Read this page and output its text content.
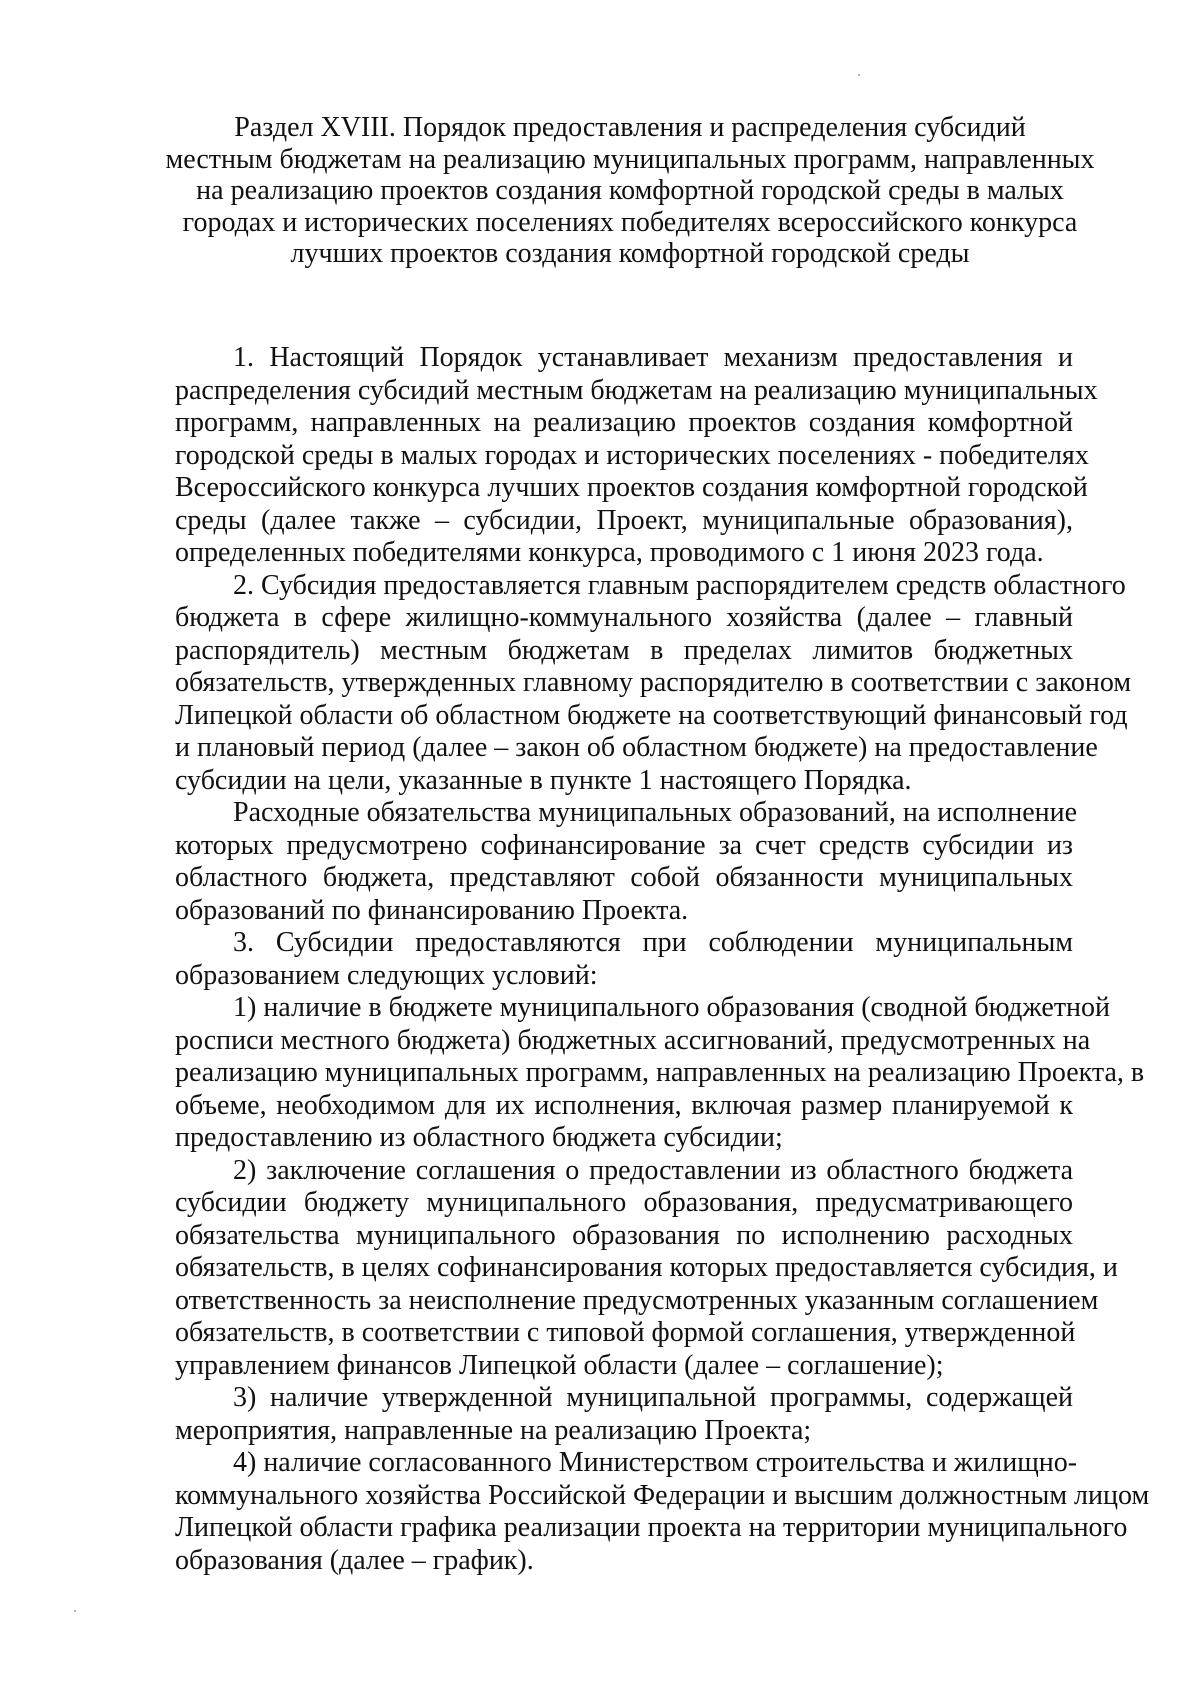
Раздел XVIII. Порядок предоставления и распределения субсидий
местным бюджетам на реализацию муниципальных программ, направленных
на реализацию проектов создания комфортной городской среды в малых
городах и исторических поселениях победителях всероссийского конкурса
лучших проектов создания комфортной городской среды

1. Настоящий Порядок устанавливает механизм предоставления и
распределения субсидий местным бюджетам на реализацию муниципальных
программ, направленных на реализацию проектов создания комфортной
городской среды в малых городах и исторических поселениях - победителях
Всероссийского конкурса лучших проектов создания комфортной городской
среды (далее также – субсидии, Проект, муниципальные образования),
определенных победителями конкурса, проводимого с 1 июня 2023 года.

2. Субсидия предоставляется главным распорядителем средств областного
бюджета в сфере жилищно-коммунального хозяйства (далее – главный
распорядитель) местным бюджетам в пределах лимитов бюджетных
обязательств, утвержденных главному распорядителю в соответствии с законом
Липецкой области об областном бюджете на соответствующий финансовый год
и плановый период (далее – закон об областном бюджете) на предоставление
субсидии на цели, указанные в пункте 1 настоящего Порядка.

Расходные обязательства муниципальных образований, на исполнение
которых предусмотрено софинансирование за счет средств субсидии из
областного бюджета, представляют собой обязанности муниципальных
образований по финансированию Проекта.

3. Субсидии предоставляются при соблюдении муниципальным
образованием следующих условий:

1) наличие в бюджете муниципального образования (сводной бюджетной
росписи местного бюджета) бюджетных ассигнований, предусмотренных на
реализацию муниципальных программ, направленных на реализацию Проекта, в
объеме, необходимом для их исполнения, включая размер планируемой к
предоставлению из областного бюджета субсидии;

2) заключение соглашения о предоставлении из областного бюджета
субсидии бюджету муниципального образования, предусматривающего
обязательства муниципального образования по исполнению расходных
обязательств, в целях софинансирования которых предоставляется субсидия, и
ответственность за неисполнение предусмотренных указанным соглашением
обязательств, в соответствии с типовой формой соглашения, утвержденной
управлением финансов Липецкой области (далее – соглашение);

3) наличие утвержденной муниципальной программы, содержащей
мероприятия, направленные на реализацию Проекта;

4) наличие согласованного Министерством строительства и жилищно-
коммунального хозяйства Российской Федерации и высшим должностным лицом
Липецкой области графика реализации проекта на территории муниципального
образования (далее – график).
